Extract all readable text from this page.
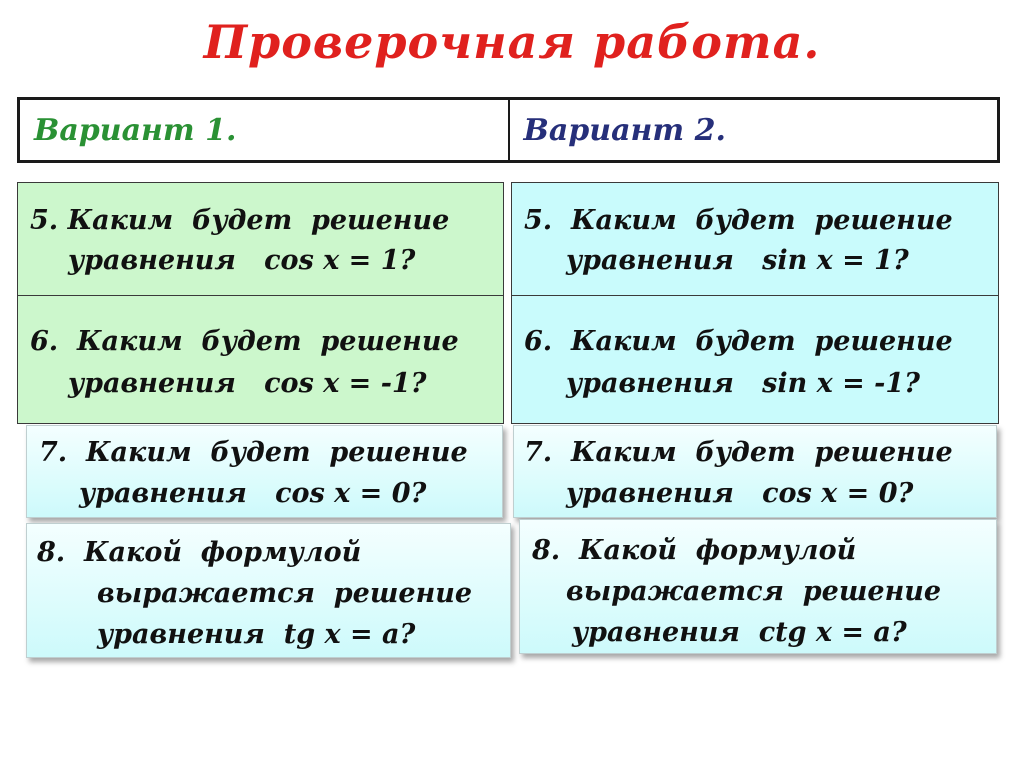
Проверочная работа.
Вариант 1.	Вариант 2.
5. Каким  будет  решение
уравнения   cos x = 1?
6.  Каким  будет  решение
уравнения   cos x = -1?
5.  Каким  будет  решение
уравнения   sin x = 1?
6.  Каким  будет  решение
уравнения   sin x = -1?
7.  Каким  будет  решение
уравнения   cos x = 0?
7.  Каким  будет  решение
уравнения   cos x = 0?
8.  Какой  формулой
выражается  решение
уравнения  tg x = a?
8.  Какой  формулой
выражается  решение
уравнения  ctg x = a?
